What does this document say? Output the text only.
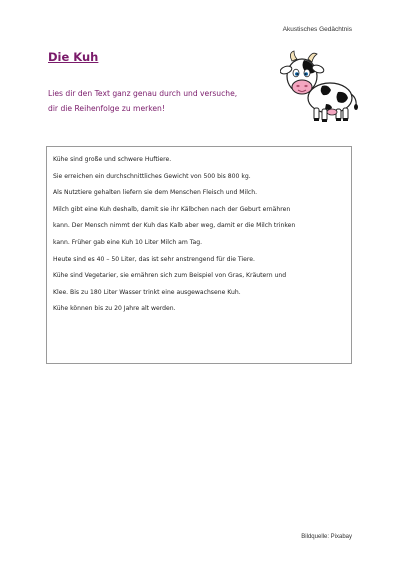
Akustisches Gedächtnis
Die Kuh
Lies dir den Text ganz genau durch und versuche,
dir die Reihenfolge zu merken!

Kühe sind große und schwere Huftiere.

Sie erreichen ein durchschnittliches Gewicht von 500 bis 800 kg.

Als Nutztiere gehalten liefern sie dem Menschen Fleisch und Milch.

Milch gibt eine Kuh deshalb, damit sie ihr Kälbchen nach der Geburt ernähren

kann. Der Mensch nimmt der Kuh das Kalb aber weg, damit er die Milch trinken

kann. Früher gab eine Kuh 10 Liter Milch am Tag.

Heute sind es 40 – 50 Liter, das ist sehr anstrengend für die Tiere.

Kühe sind Vegetarier, sie ernähren sich zum Beispiel von Gras, Kräutern und

Klee. Bis zu 180 Liter Wasser trinkt eine ausgewachsene Kuh.

Kühe können bis zu 20 Jahre alt werden.

Bildquelle: Pixabay
